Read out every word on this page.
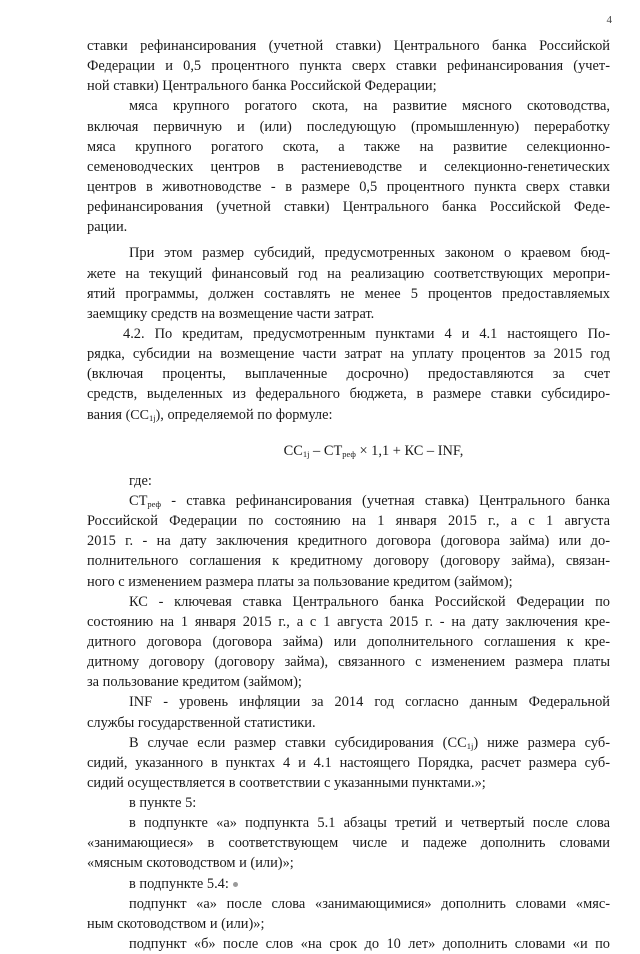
4
ставки рефинансирования (учетной ставки) Центрального банка Российской
Федерации и 0,5 процентного пункта сверх ставки рефинансирования (учет-
ной ставки) Центрального банка Российской Федерации;
мяса крупного рогатого скота, на развитие мясного скотоводства,
включая первичную и (или) последующую (промышленную) переработку
мяса крупного рогатого скота, а также на развитие селекционно-
семеноводческих центров в растениеводстве и селекционно-генетических
центров в животноводстве - в размере 0,5 процентного пункта сверх ставки
рефинансирования (учетной ставки) Центрального банка Российской Феде-
рации.
При этом размер субсидий, предусмотренных законом о краевом бюд-
жете на текущий финансовый год на реализацию соответствующих меропри-
ятий программы, должен составлять не менее 5 процентов предоставляемых
заемщику средств на возмещение части затрат.
4.2. По кредитам, предусмотренным пунктами 4 и 4.1 настоящего По-
рядка, субсидии на возмещение части затрат на уплату процентов за 2015 год
(включая проценты, выплаченные досрочно) предоставляются за счет
средств, выделенных из федерального бюджета, в размере ставки субсидиро-
вания $(СС_{1j})$, определяемой по формуле:
$СС_{1j} - СТ_{реф} \times 1,1$ + КС – INF,
где:
$СТ_{реф}$ - ставка рефинансирования (учетная ставка) Центрального банка
Российской Федерации по состоянию на 1 января 2015 г., а с 1 августа
2015 г. - на дату заключения кредитного договора (договора займа) или до-
полнительного соглашения к кредитному договору (договору займа), связан-
ного с изменением размера платы за пользование кредитом (займом);
КС - ключевая ставка Центрального банка Российской Федерации по
состоянию на 1 января 2015 г., а с 1 августа 2015 г. - на дату заключения кре-
дитного договора (договора займа) или дополнительного соглашения к кре-
дитному договору (договору займа), связанного с изменением размера платы
за пользование кредитом (займом);
INF - уровень инфляции за 2014 год согласно данным Федеральной
службы государственной статистики.
В случае если размер ставки субсидирования $(СС_{1j})$ ниже размера суб-
сидий, указанного в пунктах 4 и 4.1 настоящего Порядка, расчет размера суб-
сидий осуществляется в соответствии с указанными пунктами.»;
в пункте 5:
в подпункте «а» подпункта 5.1 абзацы третий и четвертый после слова
«занимающиеся» в соответствующем числе и падеже дополнить словами
«мясным скотоводством и (или)»;
в подпункте 5.4:
подпункт «а» после слова «занимающимися» дополнить словами «мяс-
ным скотоводством и (или)»;
подпункт «б» после слов «на срок до 10 лет» дополнить словами «и по
